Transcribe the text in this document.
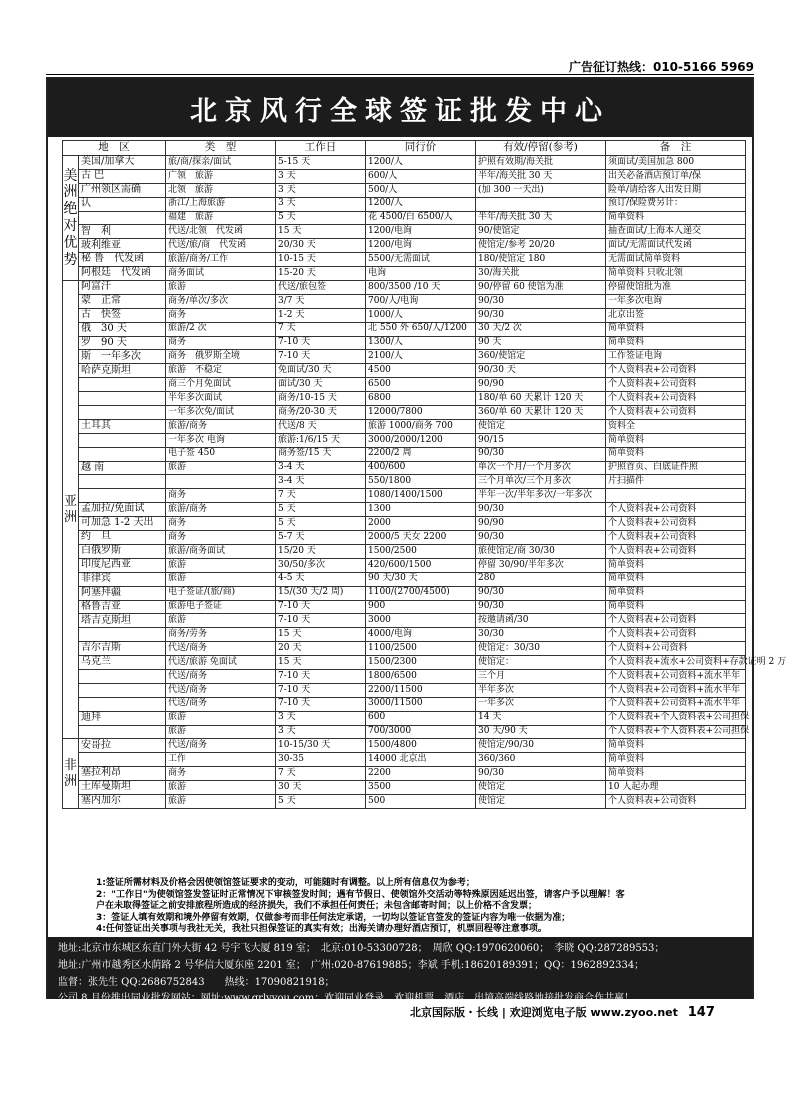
广告征订热线：010-5166 5969
北京风行全球签证批发中心
地　区		类　型	工作日	同行价	有效/停留(参考)	备　注
美洲绝对优势	美国/加拿大	旅/商/探亲/面试	5-15 天	1200/人	护照有效期/海关批	须面试/美国加急 800
	古 巴	广领　旅游	3 天	600/人	半年/海关批 30 天	出关必备酒店预订单/保
	广州领区需确	北领　旅游	3 天	500/人	(加 300 一天出)	险单/请给客人出发日期
	认	浙江/上海旅游	3 天	1200/人		预订/保险费另计：
		福建　旅游	5 天	花 4500/白 6500/人	半年/海关批 30 天	简单资料
	智　利	代送/北领　代发函	15 天	1200/电询	90/使馆定	抽查面试/上海本人递交
	玻利维亚	代送/旅/商　代发函	20/30 天	1200/电询	使馆定/参考 20/20	面试/无需面试代发函
	秘 鲁　代发函	旅游/商务/工作	10-15 天	5500/无需面试	180/使馆定 180	无需面试简单资料
	阿根廷　代发函	商务面试	15-20 天	电询	30/海关批	简单资料 只收北领
亚洲	阿富汗	旅游	代送/旅包签	800/3500 /10 天	90/停留 60 使馆为准	停留使馆批为准
	蒙　正常	商务/单次/多次	3/7 天	700/人/电询	90/30	一年多次电询
	古　快签	商务	1-2 天	1000/人	90/30	北京出签
	俄　30 天	旅游/2 次	7 天	北 550 外 650/人/1200	30 天/2 次	简单资料
	罗　90 天	商务	7-10 天	1300/人	90 天	简单资料
	斯　一年多次	商务　俄罗斯全境	7-10 天	2100/人	360/使馆定	工作签证电询
	哈萨克斯坦	旅游　不稳定	免面试/30 天	4500	90/30 天	个人资料表+公司资料
		商三个月免面试	面试/30 天	6500	90/90	个人资料表+公司资料
		半年多次面试	商务/10-15 天	6800	180/单 60 天累计 120 天	个人资料表+公司资料
		一年多次免/面试	商务/20-30 天	12000/7800	360/单 60 天累计 120 天	个人资料表+公司资料
	土耳其	旅游/商务	代送/8 天	旅游 1000/商务 700	使馆定	资料全
		一年多次 电询	旅游:1/6/15 天	3000/2000/1200	90/15	简单资料
		电子签 450	商务签/15 天	2200/2 周	90/30	简单资料
	越 南	旅游	3-4 天	400/600	单次一个月/一个月多次	护照首页、白底证件照
			3-4 天	550/1800	三个月单次/三个月多次	片扫描件
		商务	7 天	1080/1400/1500	半年一次/半年多次/一年多次	
	孟加拉/免面试	旅游/商务	5 天	1300	90/30	个人资料表+公司资料
	可加急 1-2 天出	商务	5 天	2000	90/90	个人资料表+公司资料
	约　旦	商务	5-7 天	2000/5 天女 2200	90/30	个人资料表+公司资料
	白俄罗斯	旅游/商务面试	15/20 天	1500/2500	旅使馆定/商 30/30	个人资料表+公司资料
	印度尼西亚	旅游	30/50/多次	420/600/1500	停留 30/90/半年多次	简单资料
	菲律宾	旅游	4-5 天	90 天/30 天	280	简单资料
	阿塞拜疆	电子签证/(旅/商)	15/(30 天/2 周)	1100/(2700/4500)	90/30	简单资料
	格鲁吉亚	旅游电子签证	7-10 天	900	90/30	简单资料
	塔吉克斯坦	旅游	7-10 天	3000	按邀请函/30	个人资料表+公司资料
		商务/劳务	15 天	4000/电询	30/30	个人资料表+公司资料
	吉尔吉斯	代送/商务	20 天	1100/2500	使馆定：30/30	个人资料+公司资料
	乌克兰	代送/旅游 免面试	15 天	1500/2300	使馆定：	个人资料表+流水+公司资料+存款证明 2 万
		代送/商务	7-10 天	1800/6500	三个月	个人资料表+公司资料+流水半年
		代送/商务	7-10 天	2200/11500	半年多次	个人资料表+公司资料+流水半年
		代送/商务	7-10 天	3000/11500	一年多次	个人资料表+公司资料+流水半年
	迪拜	旅游	3 天	600	14 天	个人资料表+个人资料表+公司担保
		旅游	3 天	700/3000	30 天/90 天	个人资料表+个人资料表+公司担保
非洲	安哥拉	代送/商务	10-15/30 天	1500/4800	使馆定/90/30	简单资料
		工作	30-35	14000 北京出	360/360	简单资料
	塞拉利昂	商务	7 天	2200	90/30	简单资料
	土库曼斯坦	旅游	30 天	3500	使馆定	10 人起办理
	塞内加尔	旅游	5 天	500	使馆定	个人资料表+公司资料
1:签证所需材料及价格会因使领馆签证要求的变动，可能随时有调整。以上所有信息仅为参考；
2："工作日"为使领馆签发签证时正常情况下审核签发时间；遇有节假日、使领馆外交活动等特殊原因延迟出签，请客户予以理解！客
户在未取得签证之前安排旅程所造成的经济损失，我们不承担任何责任；未包含邮寄时间；以上价格不含发票；
3：签证人填有效期和境外停留有效期，仅做参考而非任何法定承诺，一切均以签证官签发的签证内容为唯一依据为准；
4:任何签证出关事项与我社无关，我社只担保签证的真实有效；出海关请办理好酒店预订，机票回程等注意事项。
地址:北京市东城区东直门外大街 42 号宇飞大厦 819 室；　北京:010-53300728；　周欣 QQ:1970620060；　李晓 QQ:287289553；
地址:广州市越秀区水荫路 2 号华信大厦东座 2201 室；　广州:020-87619885；李斌 手机:18620189391；QQ：1962892334；
监督：张先生 QQ:2686752843　　热线：17090821918；
公司 8 月份推出同业批发网站；网址:www.grlvyou.com；欢迎同业登录，欢迎机票，酒店，出境高端线路地接批发商合作共赢！
北京国际版・长线 | 欢迎浏览电子版 www.zyoo.net 147
